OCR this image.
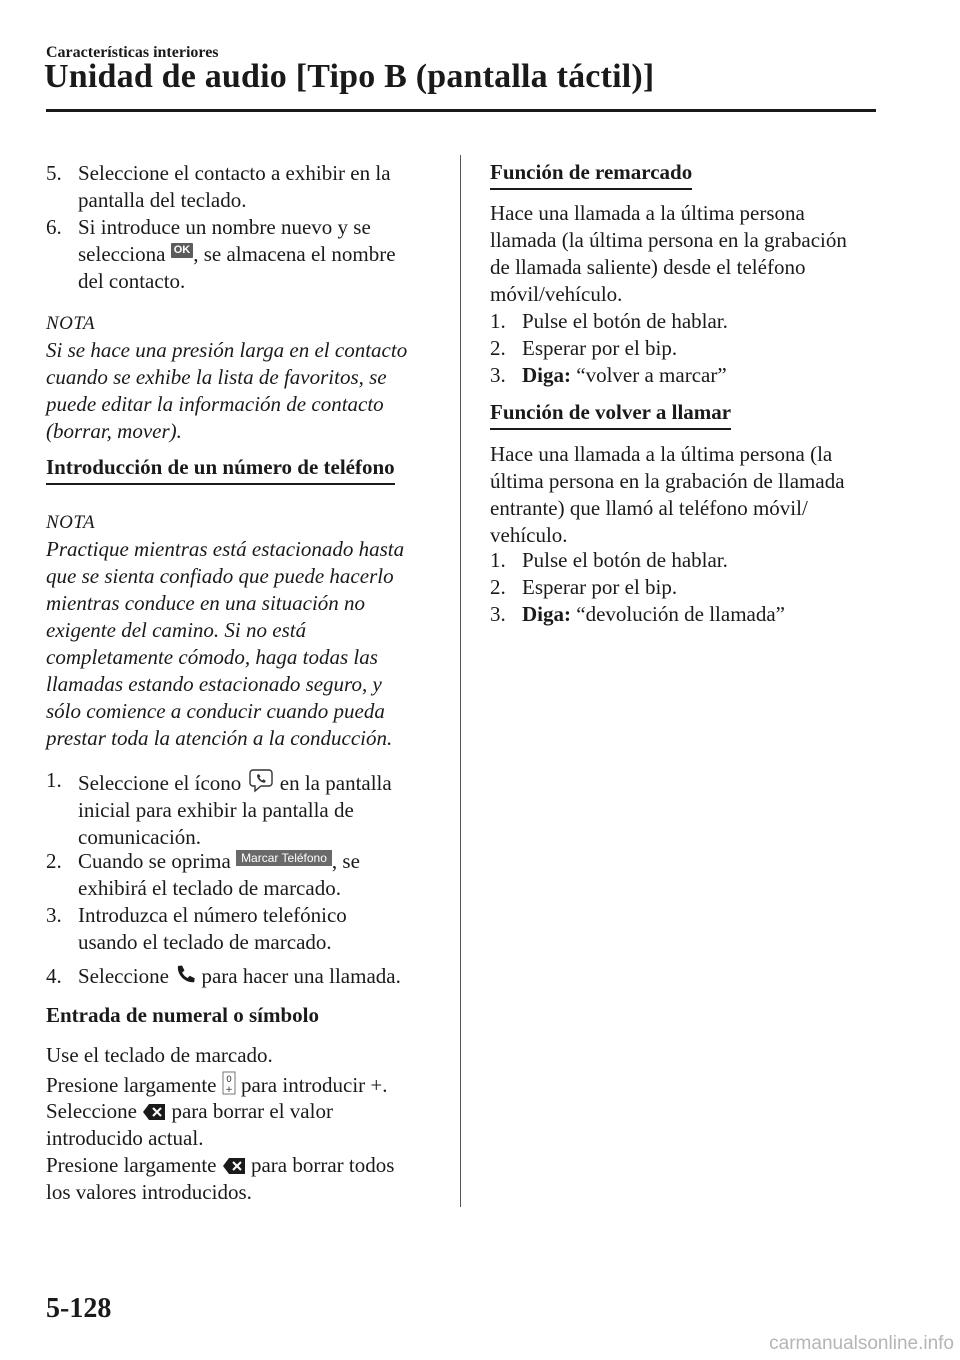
Características interiores
Unidad de audio [Tipo B (pantalla táctil)]
5. Seleccione el contacto a exhibir en la
pantalla del teclado.
6. Si introduce un nombre nuevo y se
selecciona OK , se almacena el nombre
del contacto.
NOTA
Si se hace una presión larga en el contacto
cuando se exhibe la lista de favoritos, se
puede editar la información de contacto
(borrar, mover).
Introducción de un número de teléfono
NOTA
Practique mientras está estacionado hasta
que se sienta confiado que puede hacerlo
mientras conduce en una situación no
exigente del camino. Si no está
completamente cómodo, haga todas las
llamadas estando estacionado seguro, y
sólo comience a conducir cuando pueda
prestar toda la atención a la conducción.
1. Seleccione el ícono en la pantalla
inicial para exhibir la pantalla de
comunicación.
2. Cuando se oprima Marcar Teléfono , se
exhibirá el teclado de marcado.
3. Introduzca el número telefónico
usando el teclado de marcado.
4. Seleccione para hacer una llamada.
Entrada de numeral o símbolo
Use el teclado de marcado.
Presione largamente 0
+ para introducir +.
Seleccione para borrar el valor
introducido actual.
Presione largamente para borrar todos
los valores introducidos.
Función de remarcado
Hace una llamada a la última persona
llamada (la última persona en la grabación
de llamada saliente) desde el teléfono
móvil/vehículo.
1. Pulse el botón de hablar.
2. Esperar por el bip.
3. Diga: “volver a marcar”
Función de volver a llamar
Hace una llamada a la última persona (la
última persona en la grabación de llamada
entrante) que llamó al teléfono móvil/
vehículo.
1. Pulse el botón de hablar.
2. Esperar por el bip.
3. Diga: “devolución de llamada”
5-128
carmanualsonline.info
